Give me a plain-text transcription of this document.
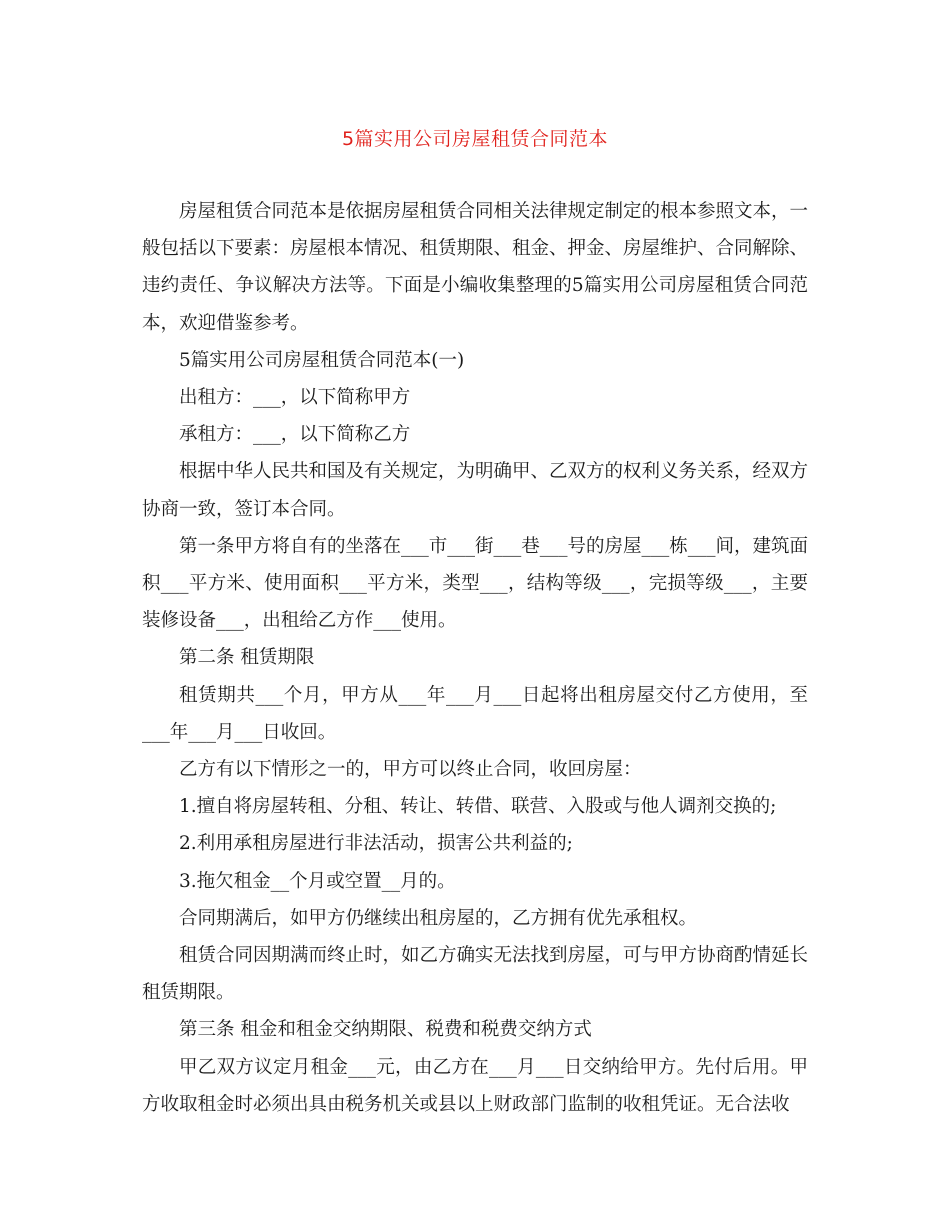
5篇实用公司房屋租赁合同范本

房屋租赁合同范本是依据房屋租赁合同相关法律规定制定的根本参照文本，一般包括以下要素：房屋根本情况、租赁期限、租金、押金、房屋维护、合同解除、违约责任、争议解决方法等。下面是小编收集整理的5篇实用公司房屋租赁合同范本，欢迎借鉴参考。

5篇实用公司房屋租赁合同范本(一)

出租方：___，以下简称甲方

承租方：___，以下简称乙方

根据中华人民共和国及有关规定，为明确甲、乙双方的权利义务关系，经双方协商一致，签订本合同。

第一条甲方将自有的坐落在___市___街___巷___号的房屋___栋___间，建筑面积___平方米、使用面积___平方米，类型___，结构等级___，完损等级___，主要装修设备___，出租给乙方作___使用。

第二条 租赁期限

租赁期共___个月，甲方从___年___月___日起将出租房屋交付乙方使用，至___年___月___日收回。

乙方有以下情形之一的，甲方可以终止合同，收回房屋：

1.擅自将房屋转租、分租、转让、转借、联营、入股或与他人调剂交换的;

2.利用承租房屋进行非法活动，损害公共利益的;

3.拖欠租金__个月或空置__月的。

合同期满后，如甲方仍继续出租房屋的，乙方拥有优先承租权。

租赁合同因期满而终止时，如乙方确实无法找到房屋，可与甲方协商酌情延长租赁期限。

第三条 租金和租金交纳期限、税费和税费交纳方式

甲乙双方议定月租金___元，由乙方在___月___日交纳给甲方。先付后用。甲方收取租金时必须出具由税务机关或县以上财政部门监制的收租凭证。无合法收
